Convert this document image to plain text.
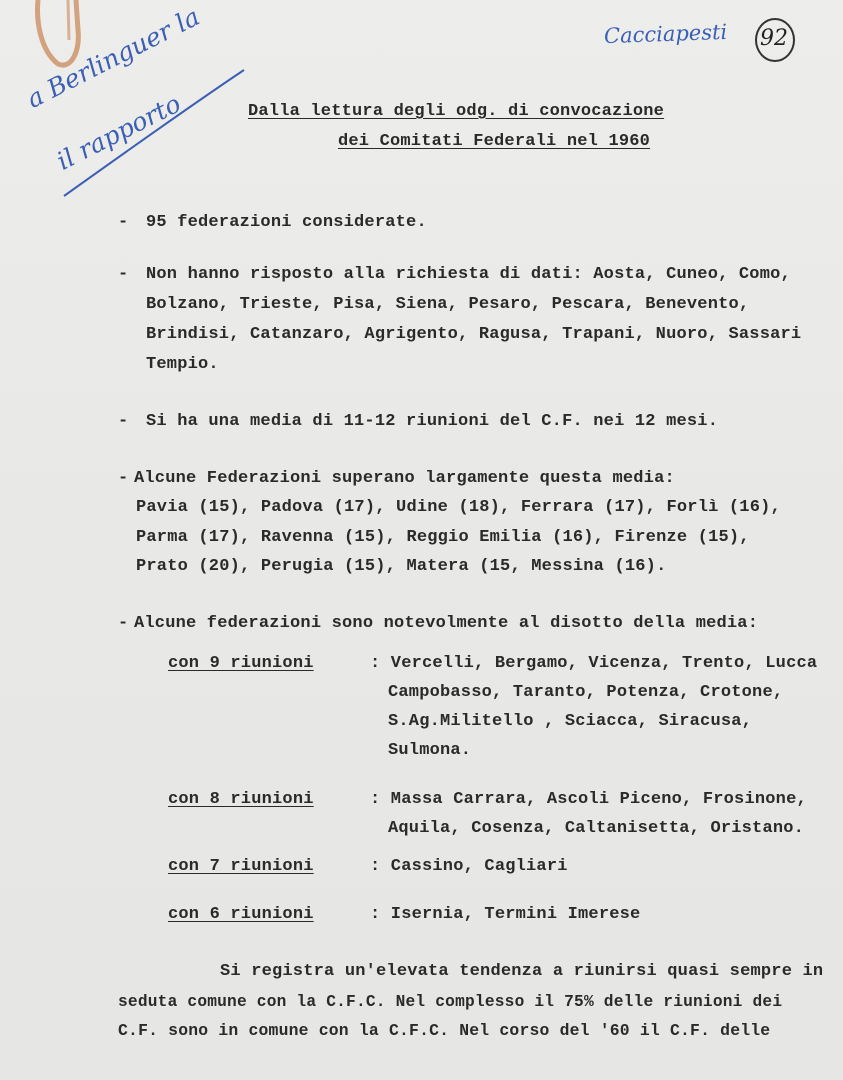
Cacciapesti 92
a Berlinguer la
il rapporto	Dalla lettura degli odg. di convocazione
dei Comitati Federali nel 1960
- 95 federazioni considerate.
- Non hanno risposto alla richiesta di dati: Aosta, Cuneo, Como,
Bolzano, Trieste, Pisa, Siena, Pesaro, Pescara, Benevento,
Brindisi, Catanzaro, Agrigento, Ragusa, Trapani, Nuoro, Sassari
Tempio.
- Si ha una media di 11-12 riunioni del C.F. nei 12 mesi.
- Alcune Federazioni superano largamente questa media:
Pavia (15), Padova (17), Udine (18), Ferrara (17), Forlì (16),
Parma (17), Ravenna (15), Reggio Emilia (16), Firenze (15),
Prato (20), Perugia (15), Matera (15, Messina (16).
- Alcune federazioni sono notevolmente al disotto della media:
con 9 riunioni	: Vercelli, Bergamo, Vicenza, Trento, Lucca
Campobasso, Taranto, Potenza, Crotone,
S.Ag.Militello , Sciacca, Siracusa,
Sulmona.
con 8 riunioni	: Massa Carrara, Ascoli Piceno, Frosinone,
Aquila, Cosenza, Caltanisetta, Oristano.
con 7 riunioni	: Cassino, Cagliari
con 6 riunioni	: Isernia, Termini Imerese
Si registra un'elevata tendenza a riunirsi quasi sempre in
seduta comune con la C.F.C. Nel complesso il 75% delle riunioni dei
C.F. sono in comune con la C.F.C. Nel corso del '60 il C.F. delle
